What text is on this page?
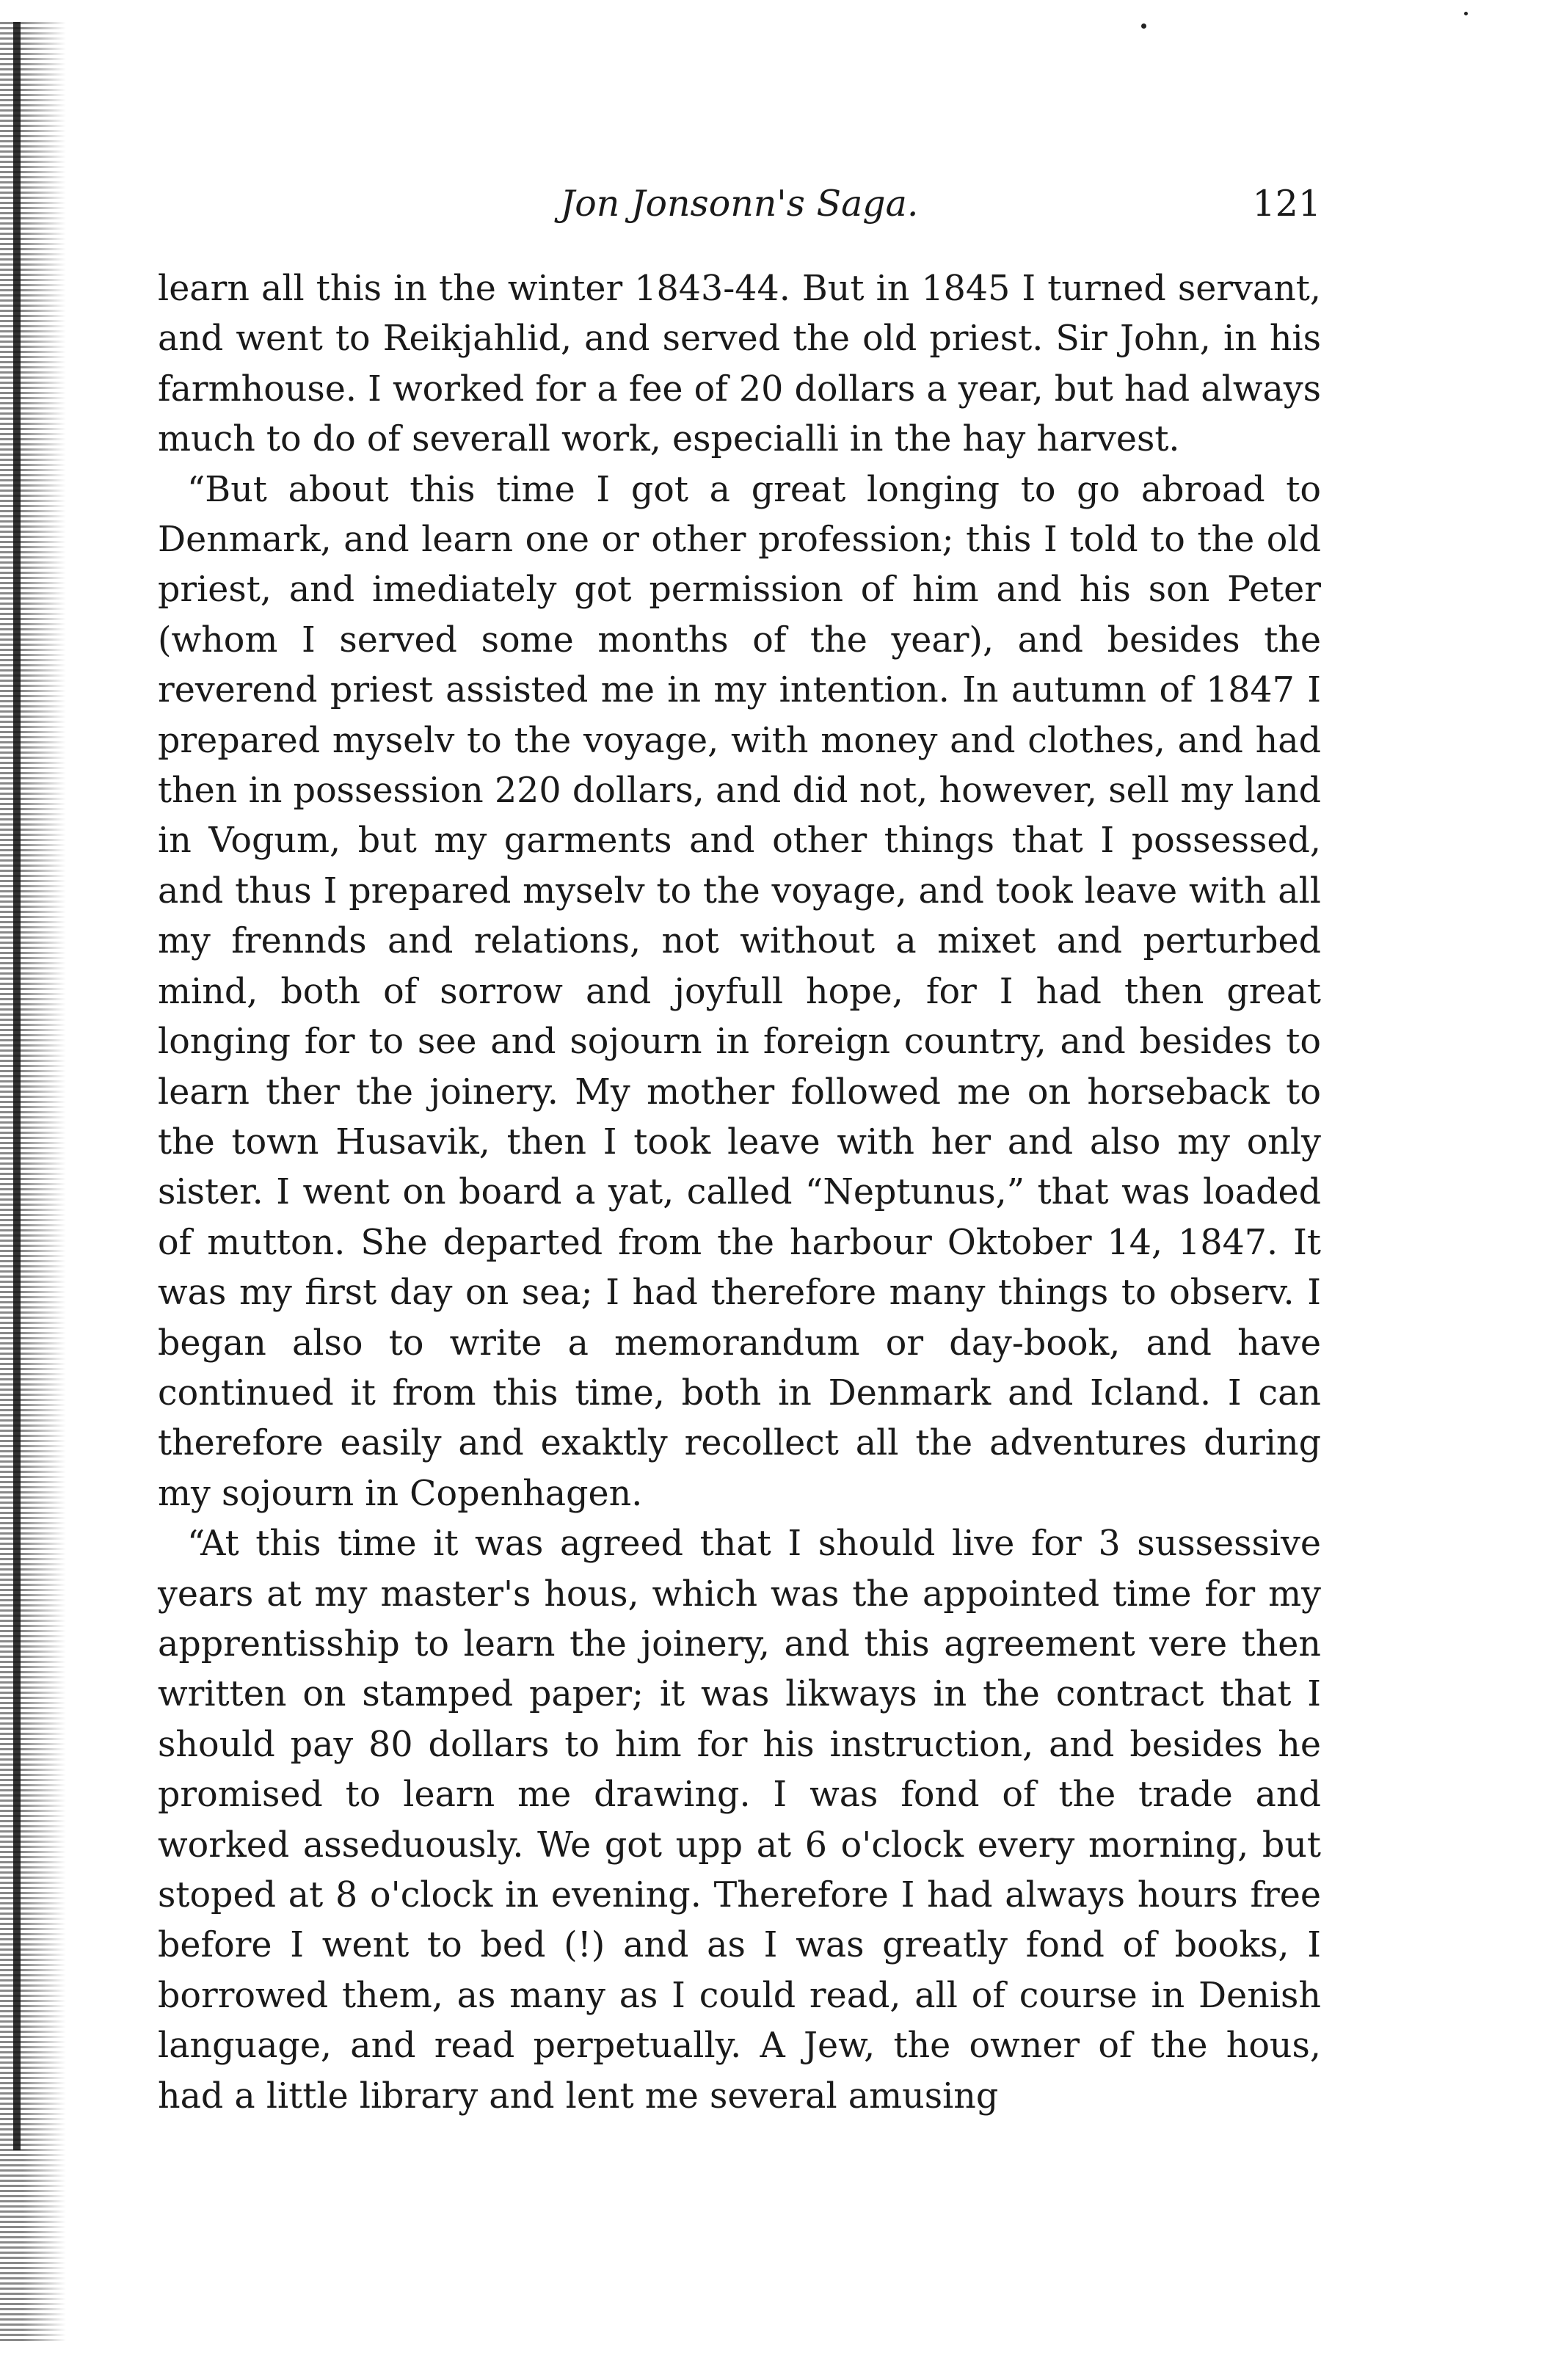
Jon Jonsonn's Saga.	121

learn all this in the winter 1843-44. But in 1845 I turned servant, and went to Reikjahlid, and served the old priest. Sir John, in his farmhouse. I worked for a fee of 20 dollars a year, but had always much to do of severall work, especialli in the hay harvest.

“But about this time I got a great longing to go abroad to Denmark, and learn one or other profession; this I told to the old priest, and imediately got permission of him and his son Peter (whom I served some months of the year), and besides the reverend priest assisted me in my intention. In autumn of 1847 I prepared myselv to the voyage, with money and clothes, and had then in possession 220 dollars, and did not, however, sell my land in Vogum, but my garments and other things that I possessed, and thus I prepared myselv to the voyage, and took leave with all my frennds and relations, not without a mixet and perturbed mind, both of sorrow and joyfull hope, for I had then great longing for to see and sojourn in foreign country, and besides to learn ther the joinery. My mother followed me on horseback to the town Husavik, then I took leave with her and also my only sister. I went on board a yat, called “Neptunus,” that was loaded of mutton. She departed from the harbour Oktober 14, 1847. It was my first day on sea; I had therefore many things to observ. I began also to write a memorandum or day-book, and have continued it from this time, both in Denmark and Icland. I can therefore easily and exaktly recollect all the adventures during my sojourn in Copenhagen.

“At this time it was agreed that I should live for 3 sussessive years at my master's hous, which was the appointed time for my apprentisship to learn the joinery, and this agreement vere then written on stamped paper; it was likways in the contract that I should pay 80 dollars to him for his instruction, and besides he promised to learn me drawing. I was fond of the trade and worked asseduously. We got upp at 6 o'clock every morning, but stoped at 8 o'clock in evening. Therefore I had always hours free before I went to bed (!) and as I was greatly fond of books, I borrowed them, as many as I could read, all of course in Denish language, and read perpetually. A Jew, the owner of the hous, had a little library and lent me several amusing
